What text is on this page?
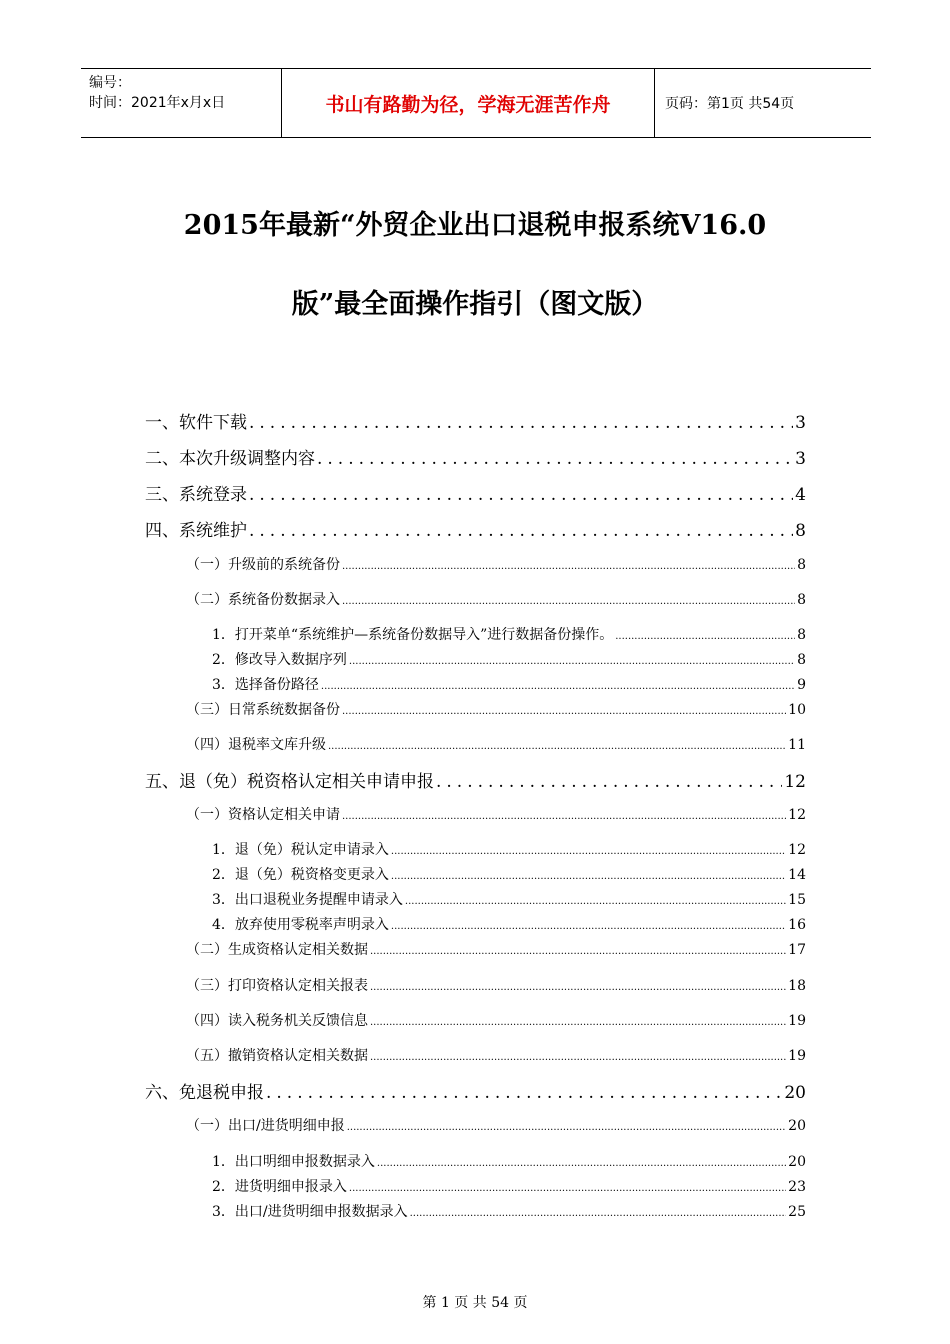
编号：
时间：2021年x月x日	书山有路勤为径，学海无涯苦作舟	页码：第1页 共54页
2015年最新“外贸企业出口退税申报系统V16.0
版”最全面操作指引（图文版）
一、软件下载 .....	3
二、本次升级调整内容 .....	3
三、系统登录 .....	4
四、系统维护 .....	8
（一）升级前的系统备份 .....	8
（二）系统备份数据录入 .....	8
1．打开菜单“系统维护—系统备份数据导入”进行数据备份操作。 .....	8
2．修改导入数据序列 .....	8
3．选择备份路径 .....	9
（三）日常系统数据备份 .....	10
（四）退税率文库升级 .....	11
五、退（免）税资格认定相关申请申报 .....	12
（一）资格认定相关申请 .....	12
1．退（免）税认定申请录入 .....	12
2．退（免）税资格变更录入 .....	14
3．出口退税业务提醒申请录入 .....	15
4．放弃使用零税率声明录入 .....	16
（二）生成资格认定相关数据 .....	17
（三）打印资格认定相关报表 .....	18
（四）读入税务机关反馈信息 .....	19
（五）撤销资格认定相关数据 .....	19
六、免退税申报 .....	20
（一）出口/进货明细申报 .....	20
1．出口明细申报数据录入 .....	20
2．进货明细申报录入 .....	23
3．出口/进货明细申报数据录入 .....	25
第 1 页 共 54 页
